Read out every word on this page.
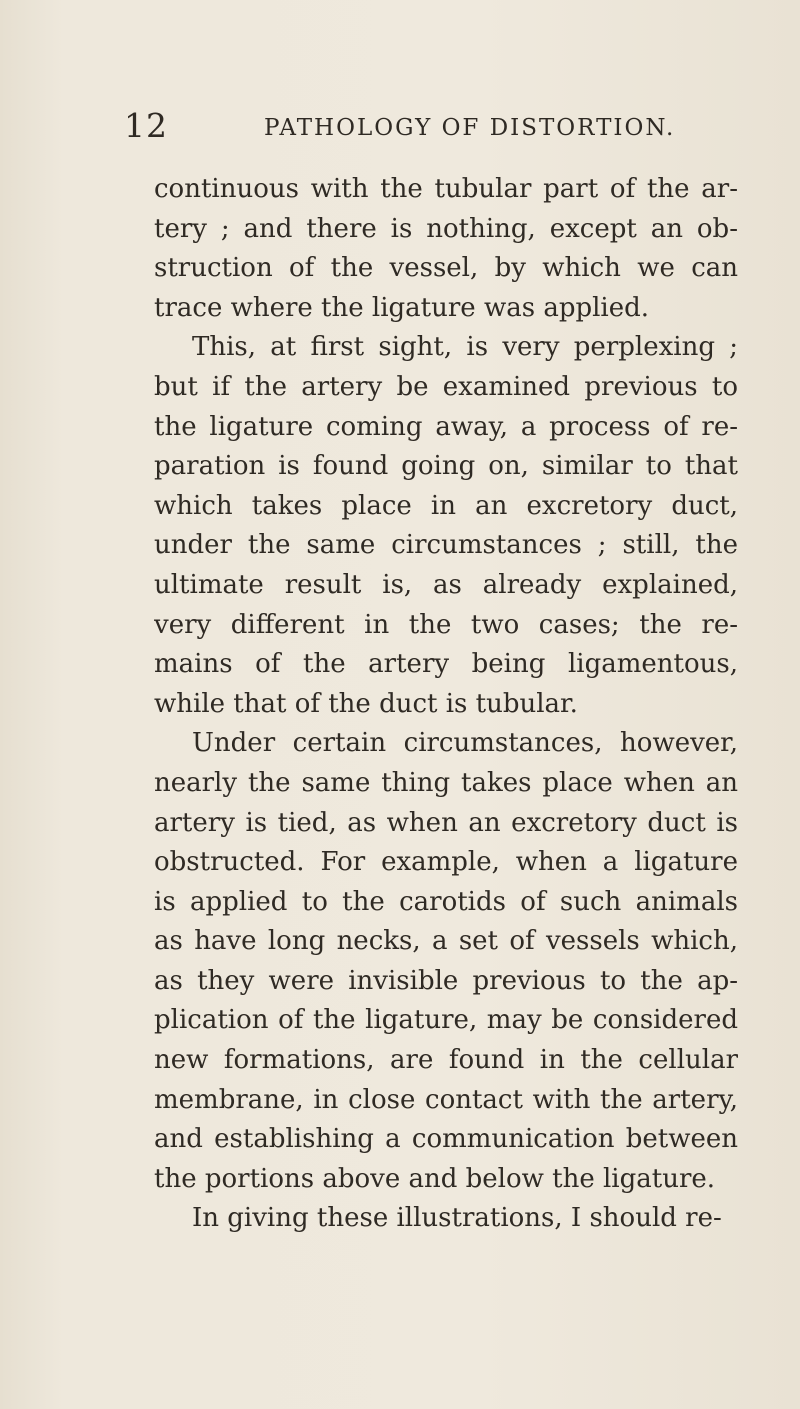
12	PATHOLOGY OF DISTORTION.
continuous with the tubular part of the ar-
tery ; and there is nothing, except an ob-
struction of the vessel, by which we can
trace where the ligature was applied.
This, at first sight, is very perplexing ;
but if the artery be examined previous to
the ligature coming away, a process of re-
paration is found going on, similar to that
which takes place in an excretory duct,
under the same circumstances ; still, the
ultimate result is, as already explained,
very different in the two cases; the re-
mains of the artery being ligamentous,
while that of the duct is tubular.
Under certain circumstances, however,
nearly the same thing takes place when an
artery is tied, as when an excretory duct is
obstructed. For example, when a ligature
is applied to the carotids of such animals
as have long necks, a set of vessels which,
as they were invisible previous to the ap-
plication of the ligature, may be considered
new formations, are found in the cellular
membrane, in close contact with the artery,
and establishing a communication between
the portions above and below the ligature.
In giving these illustrations, I should re-
